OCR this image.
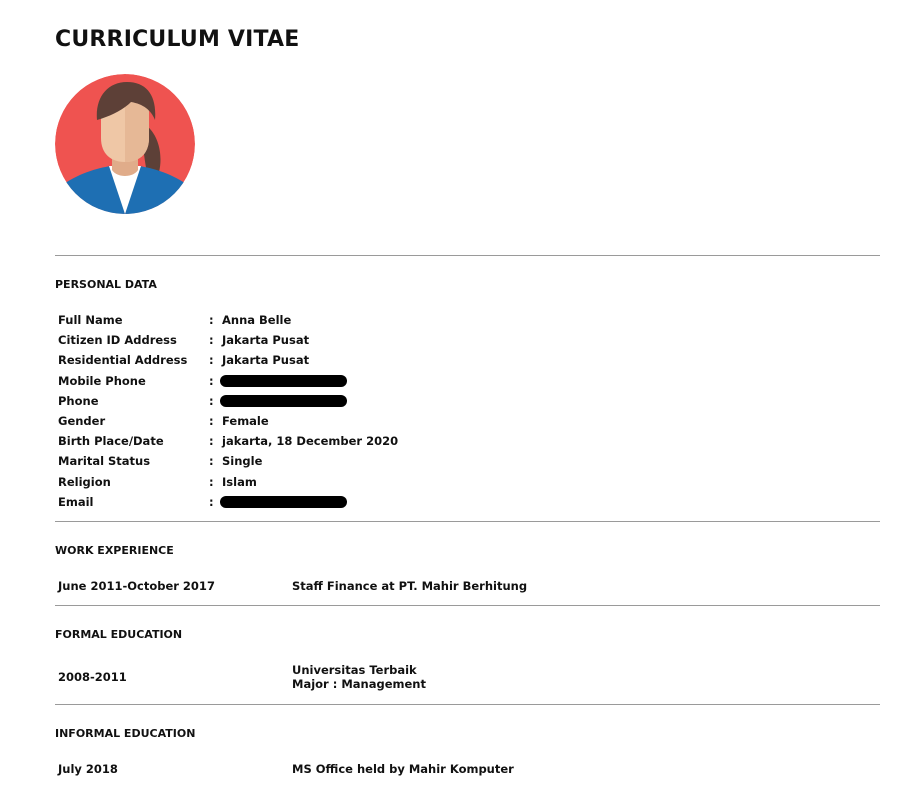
CURRICULUM VITAE
PERSONAL DATA
Full Name	: Anna Belle
Citizen ID Address	: Jakarta Pusat
Residential Address : Jakarta Pusat
Mobile Phone	:
Phone	:
Gender	: Female
Birth Place/Date	: jakarta, 18 December 2020
Marital Status	: Single
Religion	: Islam
Email	:
WORK EXPERIENCE
June 2011-October 2017	Staff Finance at PT. Mahir Berhitung
FORMAL EDUCATION
2008-2011	Universitas Terbaik
Major : Management
INFORMAL EDUCATION
July 2018	MS Office held by Mahir Komputer
